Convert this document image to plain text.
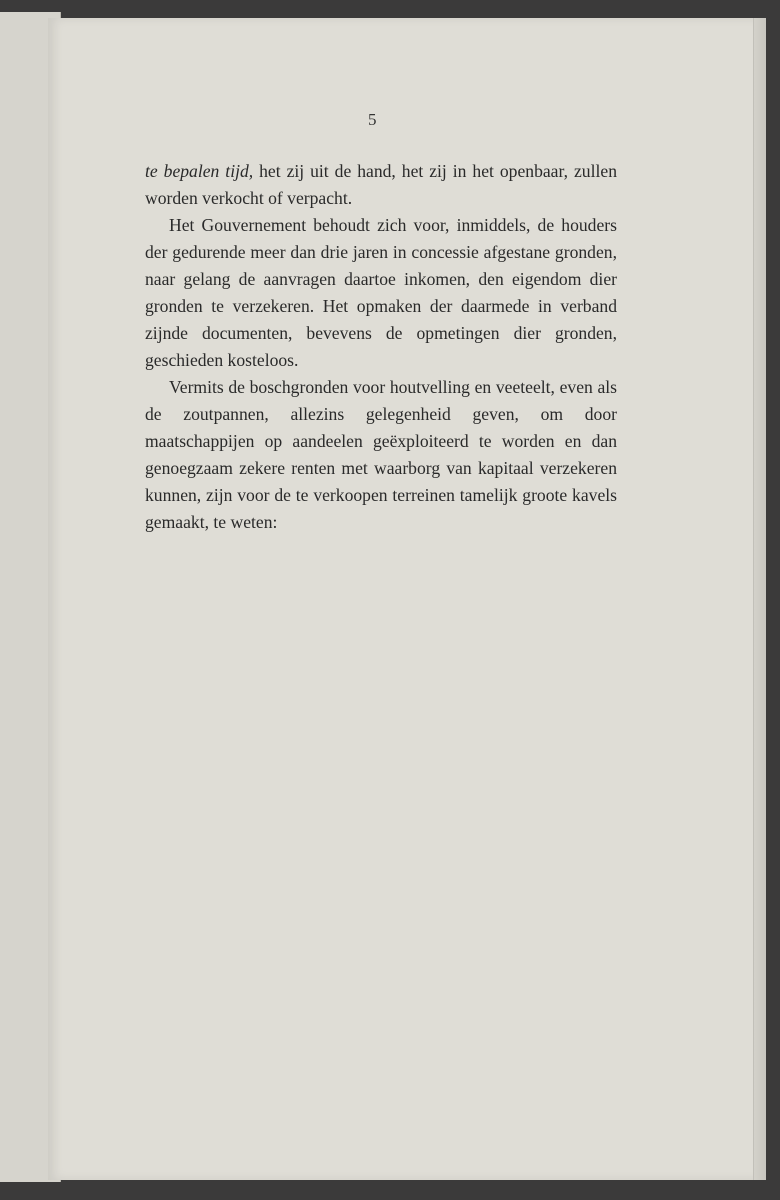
5

te bepalen tijd, het zij uit de hand, het zij in het openbaar, zullen worden verkocht of verpacht.

Het Gouvernement behoudt zich voor, inmiddels, de houders der gedurende meer dan drie jaren in concessie afgestane gronden, naar gelang de aanvragen daartoe inkomen, den eigendom dier gronden te verzekeren. Het opmaken der daarmede in verband zijnde documenten, bevevens de opmetingen dier gronden, geschieden kosteloos.

Vermits de boschgronden voor houtvelling en veeteelt, even als de zoutpannen, allezins gelegenheid geven, om door maatschappijen op aandeelen geëxploiteerd te worden en dan genoegzaam zekere renten met waarborg van kapitaal verzekeren kunnen, zijn voor de te verkoopen terreinen tamelijk groote kavels gemaakt, te weten:
